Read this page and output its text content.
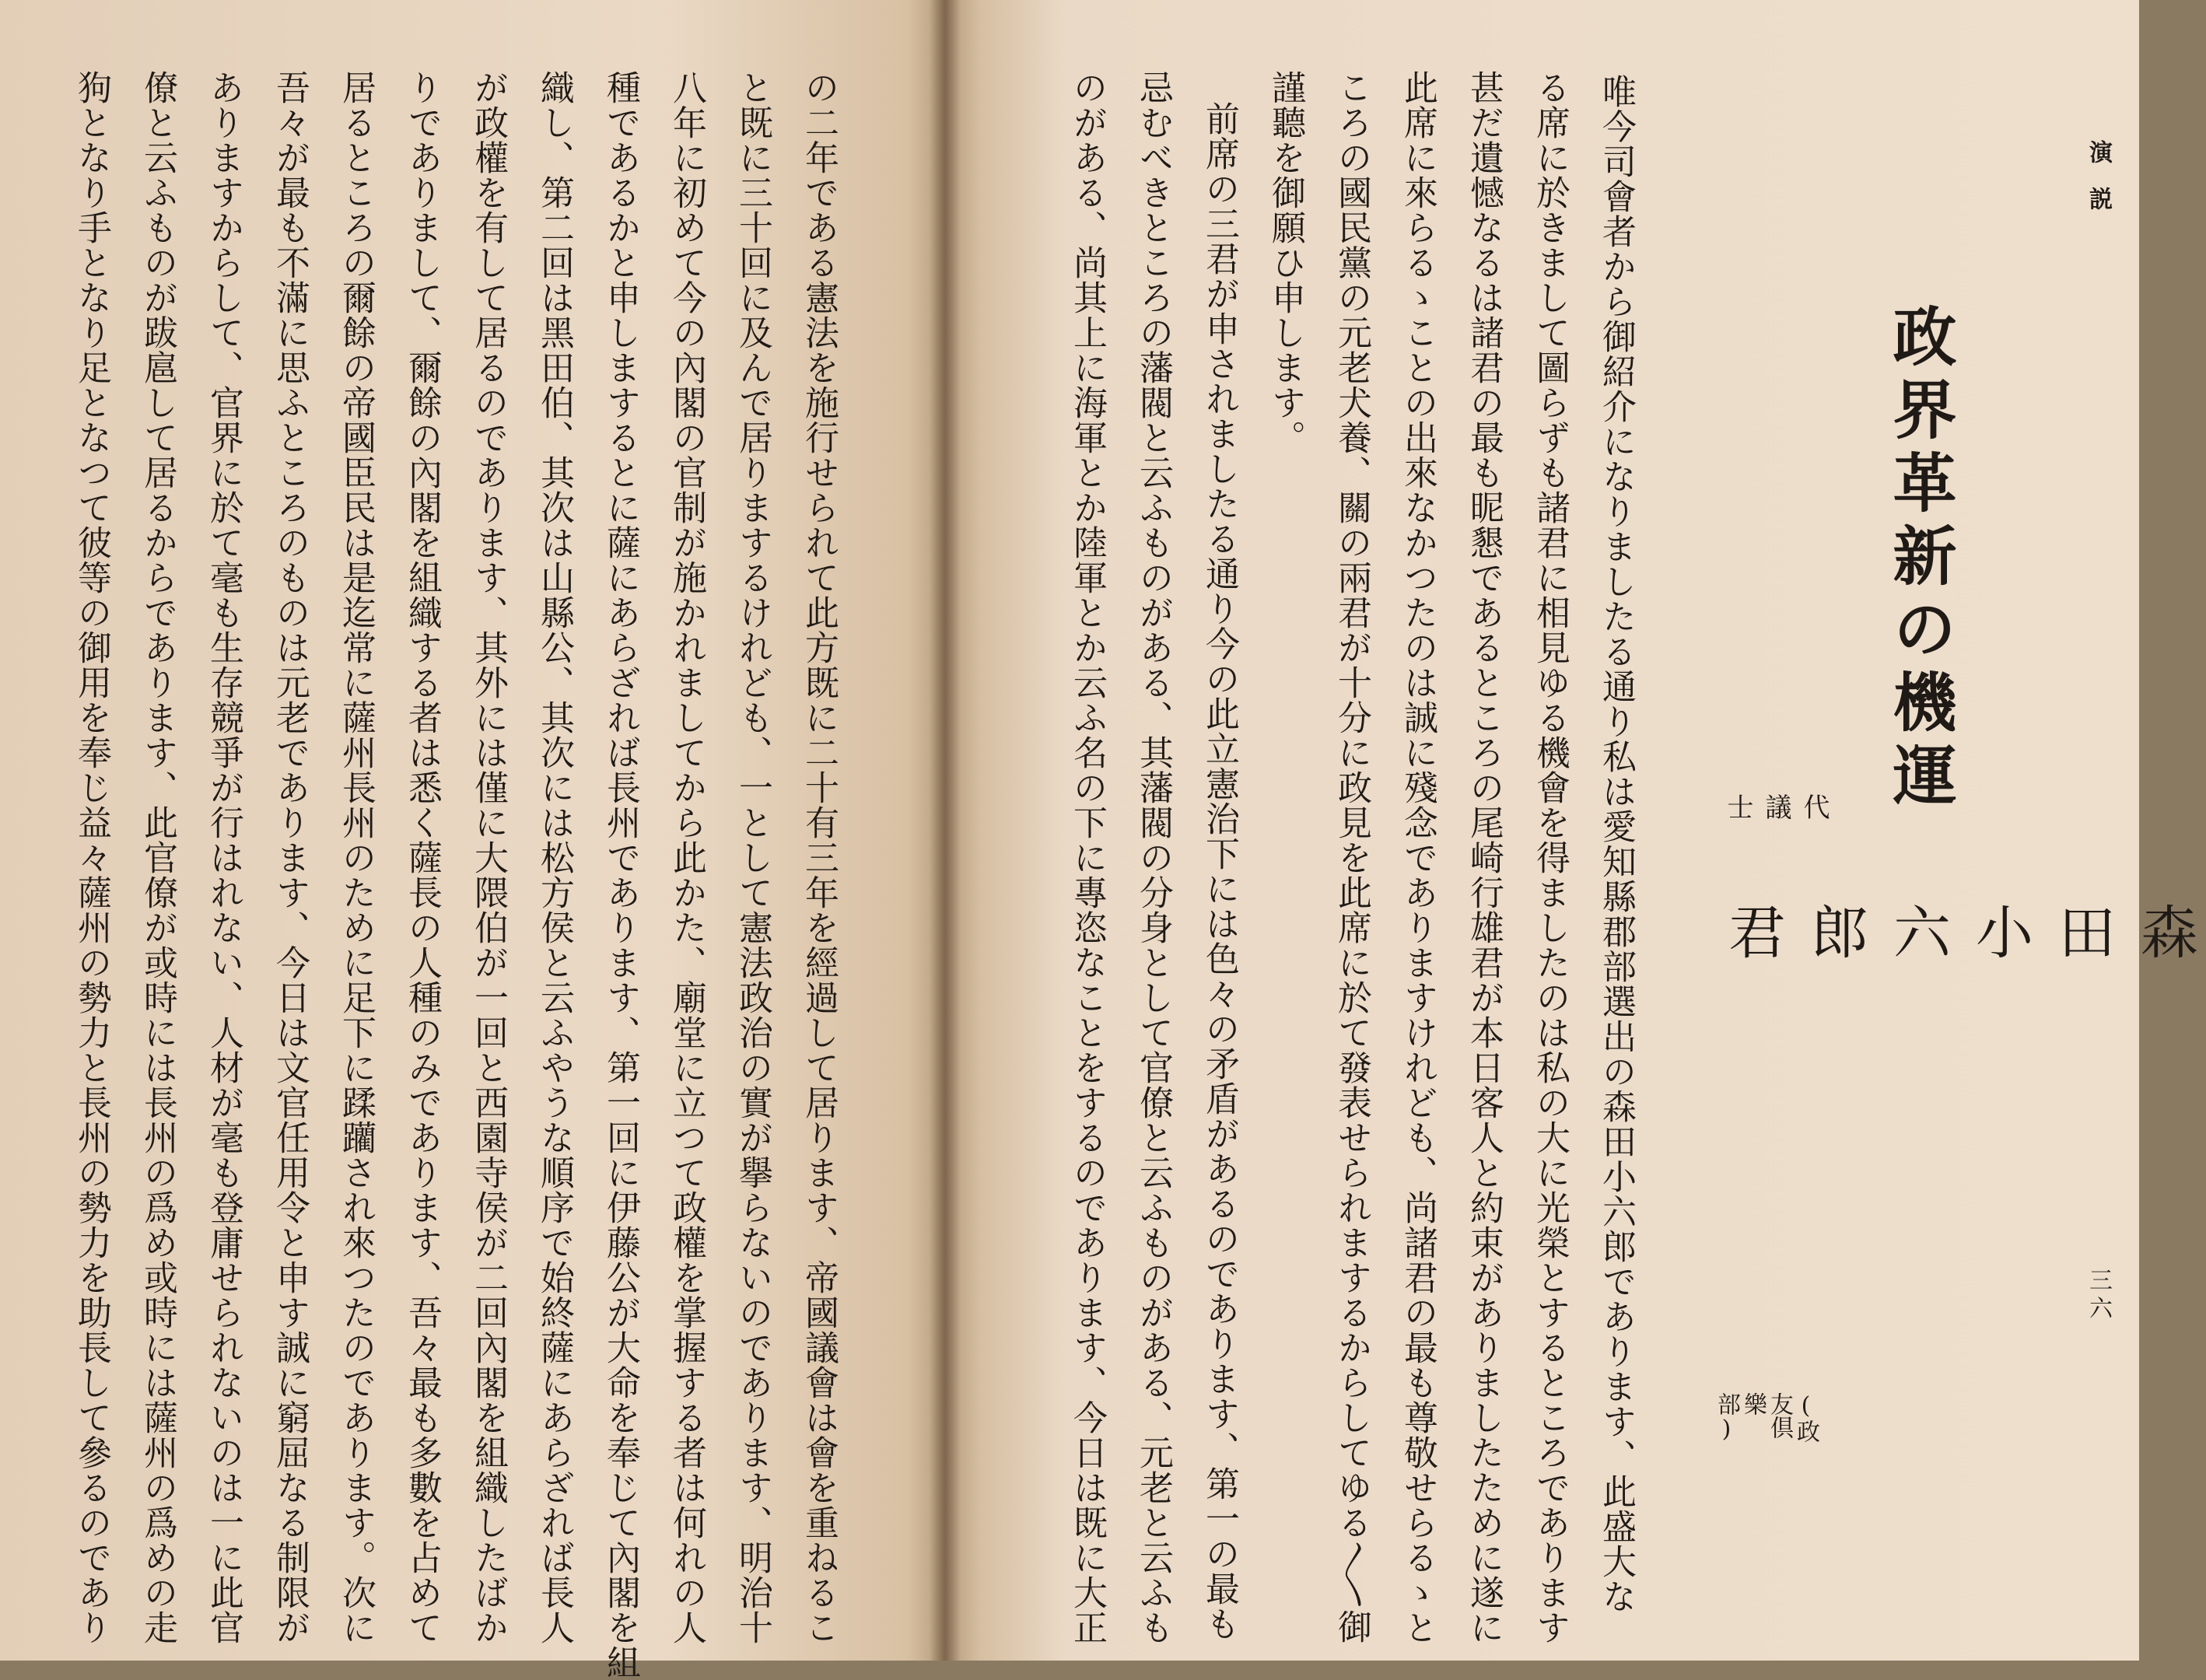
の二年である憲法を施行せられて此方既に二十有三年を經過して居ります、帝國議會は會を重ねるこ
と既に三十回に及んで居りまするけれども、一として憲法政治の實が擧らないのであります、明治十
八年に初めて今の內閣の官制が施かれましてから此かた、廟堂に立つて政權を掌握する者は何れの人
種であるかと申しまするとに薩にあらざれば長州であります、第一回に伊藤公が大命を奉じて內閣を組
織し、第二回は黑田伯、其次は山縣公、其次には松方侯と云ふやうな順序で始終薩にあらざれば長人
が政權を有して居るのであります、其外には僅に大隈伯が一回と西園寺侯が二回內閣を組織したばか
りでありまして、爾餘の內閣を組織する者は悉く薩長の人種のみであります、吾々最も多數を占めて
居るところの爾餘の帝國臣民は是迄常に薩州長州のために足下に蹂躪され來つたのであります。次に
吾々が最も不滿に思ふところのものは元老であります、今日は文官任用令と申す誠に窮屈なる制限が
ありますからして、官界に於て毫も生存競爭が行はれない、人材が毫も登庸せられないのは一に此官
僚と云ふものが跋扈して居るからであります、此官僚が或時には長州の爲め或時には薩州の爲めの走
狗となり手となり足となつて彼等の御用を奉じ益々薩州の勢力と長州の勢力を助長して參るのであり	演説
三六
政界革新の機運
代議士
森田小六郎君
(政友倶樂部)
唯今司會者から御紹介になりましたる通り私は愛知縣郡部選出の森田小六郎であります、此盛大な
る席に於きまして圖らずも諸君に相見ゆる機會を得ましたのは私の大に光榮とするところであります
甚だ遺憾なるは諸君の最も昵懇であるところの尾崎行雄君が本日客人と約束がありましたために遂に
此席に來らるゝことの出來なかつたのは誠に殘念でありますけれども、尚諸君の最も尊敬せらるゝと
ころの國民黨の元老犬養、關の兩君が十分に政見を此席に於て發表せられまするからしてゆる〳〵御
謹聽を御願ひ申します。
前席の三君が申されましたる通り今の此立憲治下には色々の矛盾があるのであります、第一の最も
忌むべきところの藩閥と云ふものがある、其藩閥の分身として官僚と云ふものがある、元老と云ふも
のがある、尚其上に海軍とか陸軍とか云ふ名の下に專恣なことをするのであります、今日は既に大正
